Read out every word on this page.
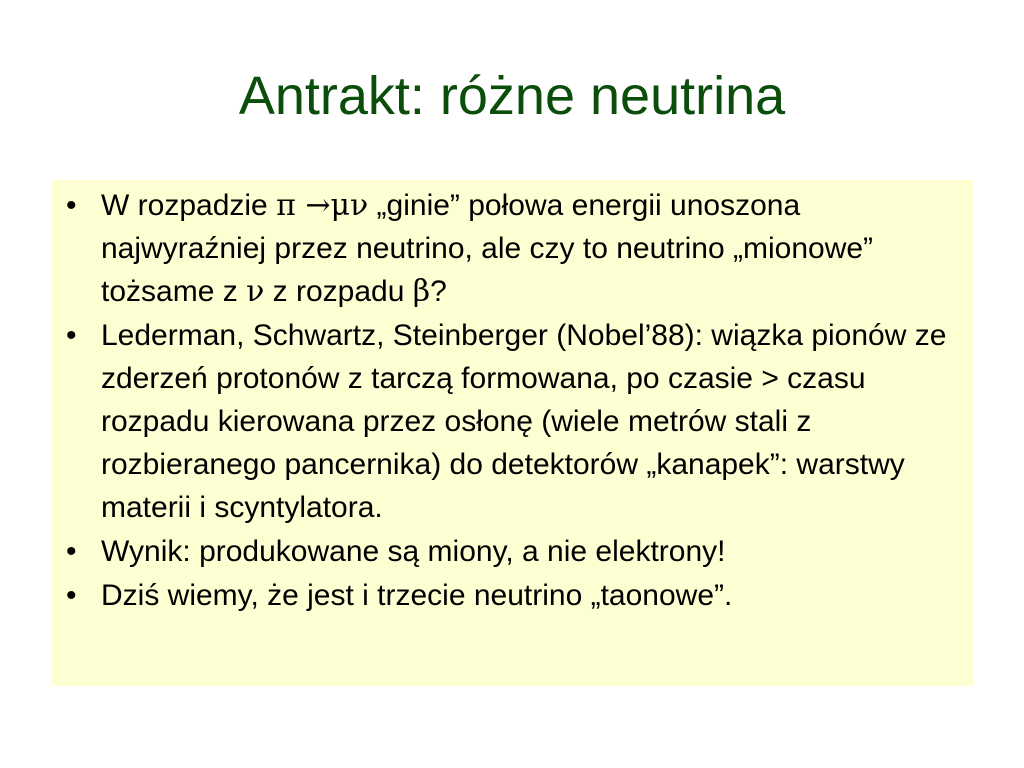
Antrakt: różne neutrina
• W rozpadzie π →μν „ginie” połowa energii unoszona najwyraźniej przez neutrino, ale czy to neutrino „mionowe” tożsame z ν z rozpadu β?
• Lederman, Schwartz, Steinberger (Nobel’88): wiązka pionów ze zderzeń protonów z tarczą formowana, po czasie > czasu rozpadu kierowana przez osłonę (wiele metrów stali z rozbieranego pancernika) do detektorów „kanapek”: warstwy materii i scyntylatora.
• Wynik: produkowane są miony, a nie elektrony!
• Dziś wiemy, że jest i trzecie neutrino „taonowe”.
